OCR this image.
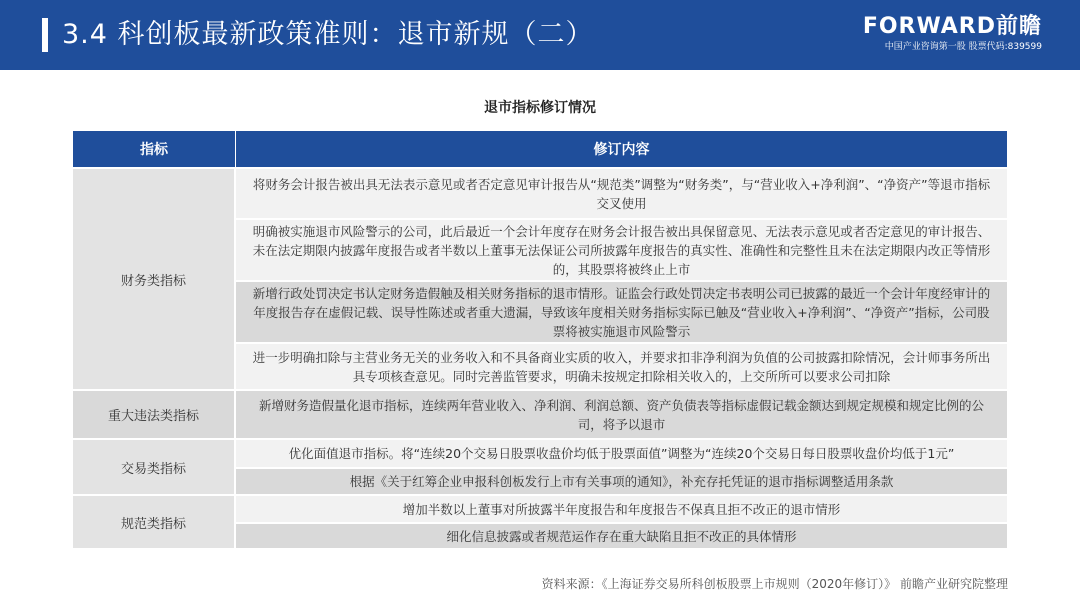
3.4 科创板最新政策准则：退市新规（二）	FORWARD前瞻
中国产业咨询第一股 股票代码:839599
退市指标修订情况
指标	修订内容
财务类指标
将财务会计报告被出具无法表示意见或者否定意见审计报告从“规范类”调整为“财务类”，与“营业收入+净利润”、“净资产”等退市指标交叉使用
明确被实施退市风险警示的公司，此后最近一个会计年度存在财务会计报告被出具保留意见、无法表示意见或者否定意见的审计报告、未在法定期限内披露年度报告或者半数以上董事无法保证公司所披露年度报告的真实性、准确性和完整性且未在法定期限内改正等情形的，其股票将被终止上市
新增行政处罚决定书认定财务造假触及相关财务指标的退市情形。证监会行政处罚决定书表明公司已披露的最近一个会计年度经审计的年度报告存在虚假记载、误导性陈述或者重大遗漏，导致该年度相关财务指标实际已触及“营业收入+净利润”、“净资产”指标，公司股票将被实施退市风险警示
进一步明确扣除与主营业务无关的业务收入和不具备商业实质的收入，并要求扣非净利润为负值的公司披露扣除情况，会计师事务所出具专项核查意见。同时完善监管要求，明确未按规定扣除相关收入的，上交所所可以要求公司扣除
重大违法类指标
新增财务造假量化退市指标，连续两年营业收入、净利润、利润总额、资产负债表等指标虚假记载金额达到规定规模和规定比例的公司，将予以退市
交易类指标
优化面值退市指标。将“连续20个交易日股票收盘价均低于股票面值”调整为“连续20个交易日每日股票收盘价均低于1元”
根据《关于红筹企业申报科创板发行上市有关事项的通知》，补充存托凭证的退市指标调整适用条款
规范类指标
增加半数以上董事对所披露半年度报告和年度报告不保真且拒不改正的退市情形
细化信息披露或者规范运作存在重大缺陷且拒不改正的具体情形
资料来源：《上海证券交易所科创板股票上市规则（2020年修订）》 前瞻产业研究院整理
